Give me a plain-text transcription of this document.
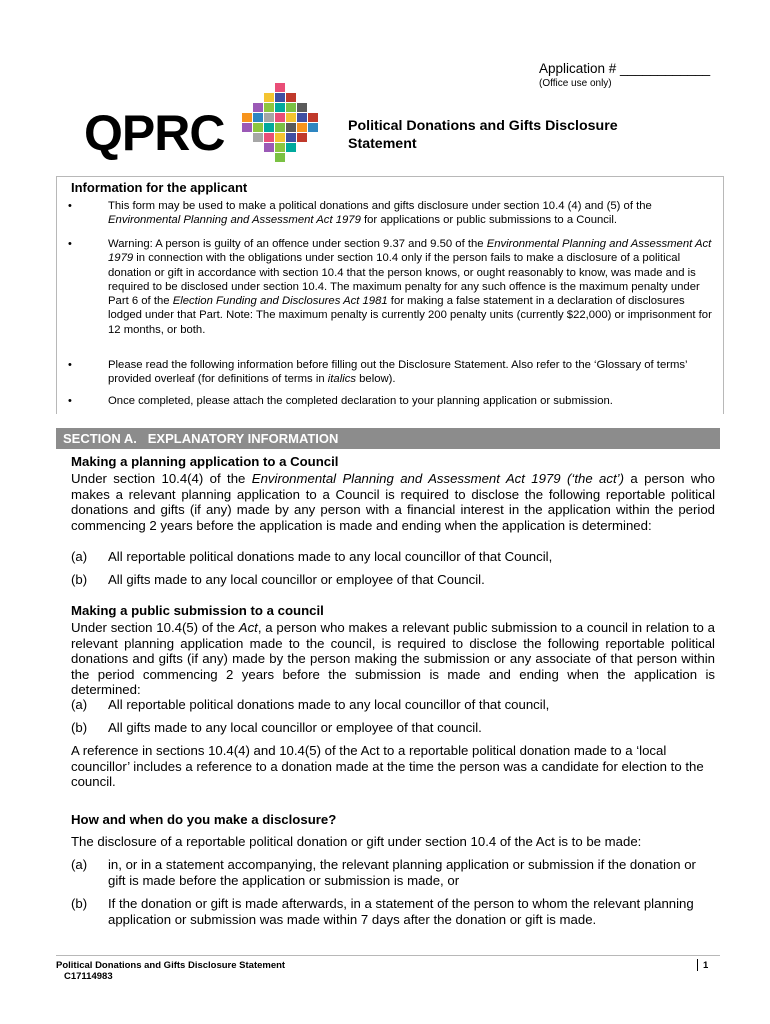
Application # ____________
(Office use only)
QPRC	Political Donations and Gifts Disclosure Statement
Information for the applicant
•	This form may be used to make a political donations and gifts disclosure under section 10.4 (4) and (5) of the Environmental Planning and Assessment Act 1979 for applications or public submissions to a Council.
•	Warning: A person is guilty of an offence under section 9.37 and 9.50 of the Environmental Planning and Assessment Act 1979 in connection with the obligations under section 10.4 only if the person fails to make a disclosure of a political donation or gift in accordance with section 10.4 that the person knows, or ought reasonably to know, was made and is required to be disclosed under section 10.4. The maximum penalty for any such offence is the maximum penalty under Part 6 of the Election Funding and Disclosures Act 1981 for making a false statement in a declaration of disclosures lodged under that Part. Note: The maximum penalty is currently 200 penalty units (currently $22,000) or imprisonment for 12 months, or both.
•	Please read the following information before filling out the Disclosure Statement. Also refer to the ‘Glossary of terms’ provided overleaf (for definitions of terms in italics below).
•	Once completed, please attach the completed declaration to your planning application or submission.
SECTION A.   EXPLANATORY INFORMATION
Making a planning application to a Council
Under section 10.4(4) of the Environmental Planning and Assessment Act 1979 (‘the act’) a person who makes a relevant planning application to a Council is required to disclose the following reportable political donations and gifts (if any) made by any person with a financial interest in the application within the period commencing 2 years before the application is made and ending when the application is determined:
(a) All reportable political donations made to any local councillor of that Council,
(b) All gifts made to any local councillor or employee of that Council.
Making a public submission to a council
Under section 10.4(5) of the Act, a person who makes a relevant public submission to a council in relation to a relevant planning application made to the council, is required to disclose the following reportable political donations and gifts (if any) made by the person making the submission or any associate of that person within the period commencing 2 years before the submission is made and ending when the application is determined:
(a) All reportable political donations made to any local councillor of that council,
(b) All gifts made to any local councillor or employee of that council.
A reference in sections 10.4(4) and 10.4(5) of the Act to a reportable political donation made to a ‘local councillor’ includes a reference to a donation made at the time the person was a candidate for election to the council.
How and when do you make a disclosure?
The disclosure of a reportable political donation or gift under section 10.4 of the Act is to be made:
(a) in, or in a statement accompanying, the relevant planning application or submission if the donation or gift is made before the application or submission is made, or
(b) If the donation or gift is made afterwards, in a statement of the person to whom the relevant planning application or submission was made within 7 days after the donation or gift is made.
Political Donations and Gifts Disclosure Statement
C17114983
1
